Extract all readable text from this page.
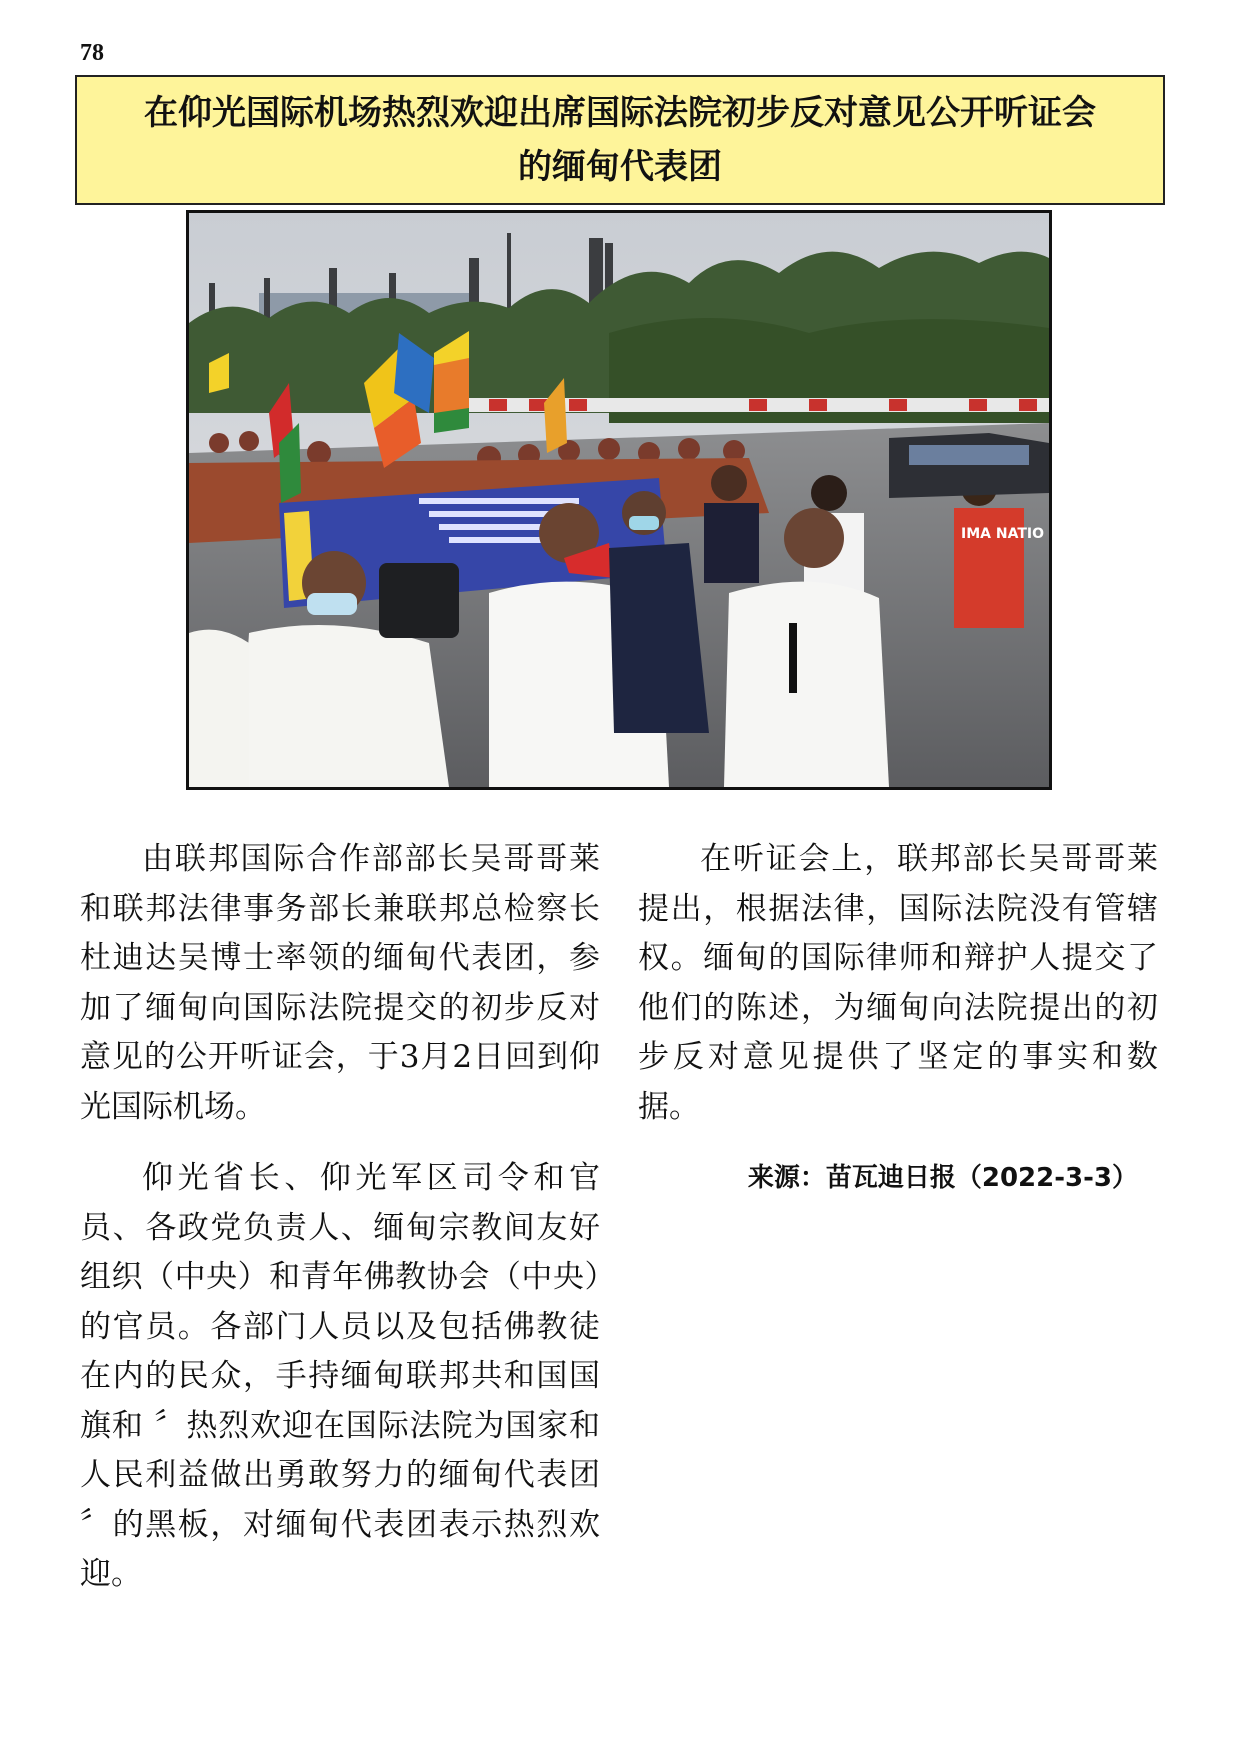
78
在仰光国际机场热烈欢迎出席国际法院初步反对意见公开听证会
的缅甸代表团
IMA NATIO

由联邦国际合作部部长吴哥哥莱和联邦法律事务部长兼联邦总检察长杜迪达吴博士率领的缅甸代表团，参加了缅甸向国际法院提交的初步反对意见的公开听证会，于3月2日回到仰光国际机场。

仰光省长、仰光军区司令和官员、各政党负责人、缅甸宗教间友好组织（中央）和青年佛教协会（中央）的官员。各部门人员以及包括佛教徒在内的民众，手持缅甸联邦共和国国旗和 〞热烈欢迎在国际法院为国家和人民利益做出勇敢努力的缅甸代表团 〞的黑板，对缅甸代表团表示热烈欢迎。

在听证会上，联邦部长吴哥哥莱提出，根据法律，国际法院没有管辖权。缅甸的国际律师和辩护人提交了他们的陈述，为缅甸向法院提出的初步反对意见提供了坚定的事实和数据。

来源：苗瓦迪日报（2022-3-3）
